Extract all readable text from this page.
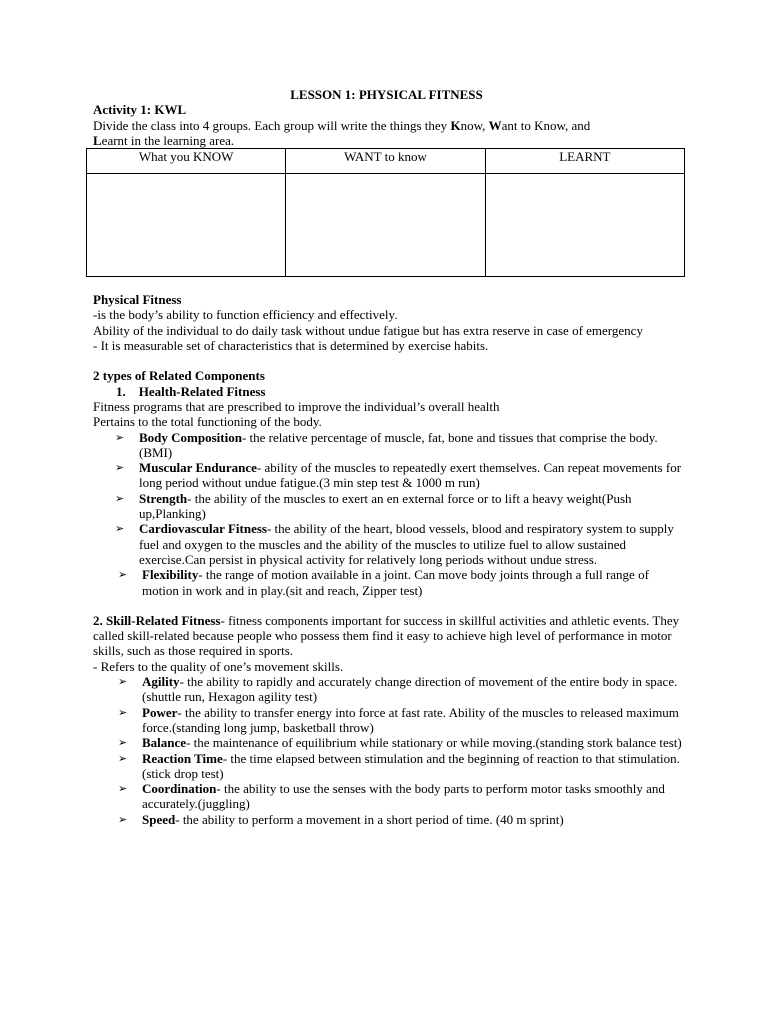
LESSON 1: PHYSICAL FITNESS

Activity 1: KWL

Divide the class into 4 groups. Each group will write the things they Know, Want to Know, and
Learnt in the learning area.

What you KNOW	WANT to know	LEARNT

Physical Fitness

-is the body’s ability to function efficiency and effectively.

Ability of the individual to do daily task without undue fatigue but has extra reserve in case of emergency

- It is measurable set of characteristics that is determined by exercise habits.

2 types of Related Components

1. Health-Related Fitness

Fitness programs that are prescribed to improve the individual’s overall health

Pertains to the total functioning of the body.

➢ Body Composition- the relative percentage of muscle, fat, bone and tissues that comprise the body. (BMI)
➢ Muscular Endurance- ability of the muscles to repeatedly exert themselves. Can repeat movements for long period without undue fatigue.(3 min step test & 1000 m run)
➢ Strength- the ability of the muscles to exert an en external force or to lift a heavy weight(Push up,Planking)
➢ Cardiovascular Fitness- the ability of the heart, blood vessels, blood and respiratory system to supply fuel and oxygen to the muscles and the ability of the muscles to utilize fuel to allow sustained exercise.Can persist in physical activity for relatively long periods without undue stress.
➢ Flexibility- the range of motion available in a joint. Can move body joints through a full range of motion in work and in play.(sit and reach, Zipper test)

2. Skill-Related Fitness- fitness components important for success in skillful activities and athletic events. They called skill-related because people who possess them find it easy to achieve high level of performance in motor skills, such as those required in sports.

- Refers to the quality of one’s movement skills.

➢ Agility- the ability to rapidly and accurately change direction of movement of the entire body in space.(shuttle run, Hexagon agility test)
➢ Power- the ability to transfer energy into force at fast rate. Ability of the muscles to released maximum force.(standing long jump, basketball throw)
➢ Balance- the maintenance of equilibrium while stationary or while moving.(standing stork balance test)
➢ Reaction Time- the time elapsed between stimulation and the beginning of reaction to that stimulation. (stick drop test)
➢ Coordination- the ability to use the senses with the body parts to perform motor tasks smoothly and accurately.(juggling)
➢ Speed- the ability to perform a movement in a short period of time. (40 m sprint)
